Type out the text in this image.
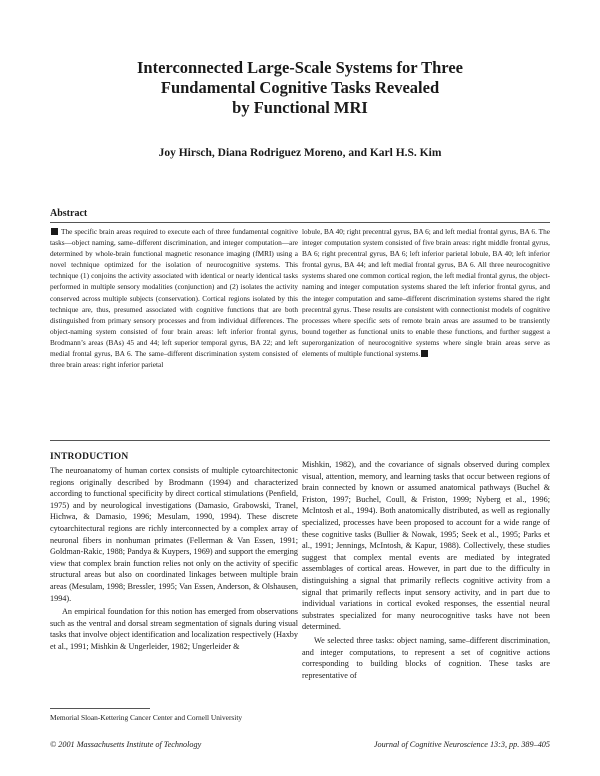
Interconnected Large-Scale Systems for Three
Fundamental Cognitive Tasks Revealed
by Functional MRI
Joy Hirsch, Diana Rodriguez Moreno, and Karl H.S. Kim
Abstract

The specific brain areas required to execute each of three fundamental cognitive tasks—object naming, same–different discrimination, and integer computation—are determined by whole-brain functional magnetic resonance imaging (fMRI) using a novel technique optimized for the isolation of neurocognitive systems. This technique (1) conjoins the activity associated with identical or nearly identical tasks performed in multiple sensory modalities (conjunction) and (2) isolates the activity conserved across multiple subjects (conservation). Cortical regions isolated by this technique are, thus, presumed associated with cognitive functions that are both distinguished from primary sensory processes and from individual differences. The object-naming system consisted of four brain areas: left inferior frontal gyrus, Brodmann’s areas (BAs) 45 and 44; left superior temporal gyrus, BA 22; and left medial frontal gyrus, BA 6. The same–different discrimination system consisted of three brain areas: right inferior parietal

lobule, BA 40; right precentral gyrus, BA 6; and left medial frontal gyrus, BA 6. The integer computation system consisted of five brain areas: right middle frontal gyrus, BA 6; right precentral gyrus, BA 6; left inferior parietal lobule, BA 40; left inferior frontal gyrus, BA 44; and left medial frontal gyrus, BA 6. All three neurocognitive systems shared one common cortical region, the left medial frontal gyrus, the object-naming and integer computation systems shared the left inferior frontal gyrus, and the integer computation and same–different discrimination systems shared the right precentral gyrus. These results are consistent with connectionist models of cognitive processes where specific sets of remote brain areas are assumed to be transiently bound together as functional units to enable these functions, and further suggest a superorganization of neurocognitive systems where single brain areas serve as elements of multiple functional systems.

INTRODUCTION

The neuroanatomy of human cortex consists of multiple cytoarchitectonic regions originally described by Brodmann (1994) and characterized according to functional specificity by direct cortical stimulations (Penfield, 1975) and by neurological investigations (Damasio, Grabowski, Tranel, Hichwa, & Damasio, 1996; Mesulam, 1990, 1994). These discrete cytoarchitectural regions are richly interconnected by a complex array of neuronal fibers in nonhuman primates (Fellerman & Van Essen, 1991; Goldman-Rakic, 1988; Pandya & Kuypers, 1969) and support the emerging view that complex brain function relies not only on the activity of specific structural areas but also on coordinated linkages between multiple brain areas (Mesulam, 1998; Bressler, 1995; Van Essen, Anderson, & Olshausen, 1994).

An empirical foundation for this notion has emerged from observations such as the ventral and dorsal stream segmentation of signals during visual tasks that involve object identification and localization respectively (Haxby et al., 1991; Mishkin & Ungerleider, 1982; Ungerleider &

Mishkin, 1982), and the covariance of signals observed during complex visual, attention, memory, and learning tasks that occur between regions of brain connected by known or assumed anatomical pathways (Buchel & Friston, 1997; Buchel, Coull, & Friston, 1999; Nyberg et al., 1996; McIntosh et al., 1994). Both anatomically distributed, as well as regionally specialized, processes have been proposed to account for a wide range of these cognitive tasks (Bullier & Nowak, 1995; Seek et al., 1995; Parks et al., 1991; Jennings, McIntosh, & Kapur, 1988). Collectively, these studies suggest that complex mental events are mediated by integrated assemblages of cortical areas. However, in part due to the difficulty in distinguishing a signal that primarily reflects cognitive activity from a signal that primarily reflects input sensory activity, and in part due to individual variations in cortical evoked responses, the essential neural substrates specialized for many neurocognitive tasks have not been determined.

We selected three tasks: object naming, same–different discrimination, and integer computations, to represent a set of cognitive actions corresponding to building blocks of cognition. These tasks are representative of

Memorial Sloan-Kettering Cancer Center and Cornell University
© 2001 Massachusetts Institute of Technology	Journal of Cognitive Neuroscience 13:3, pp. 389–405
